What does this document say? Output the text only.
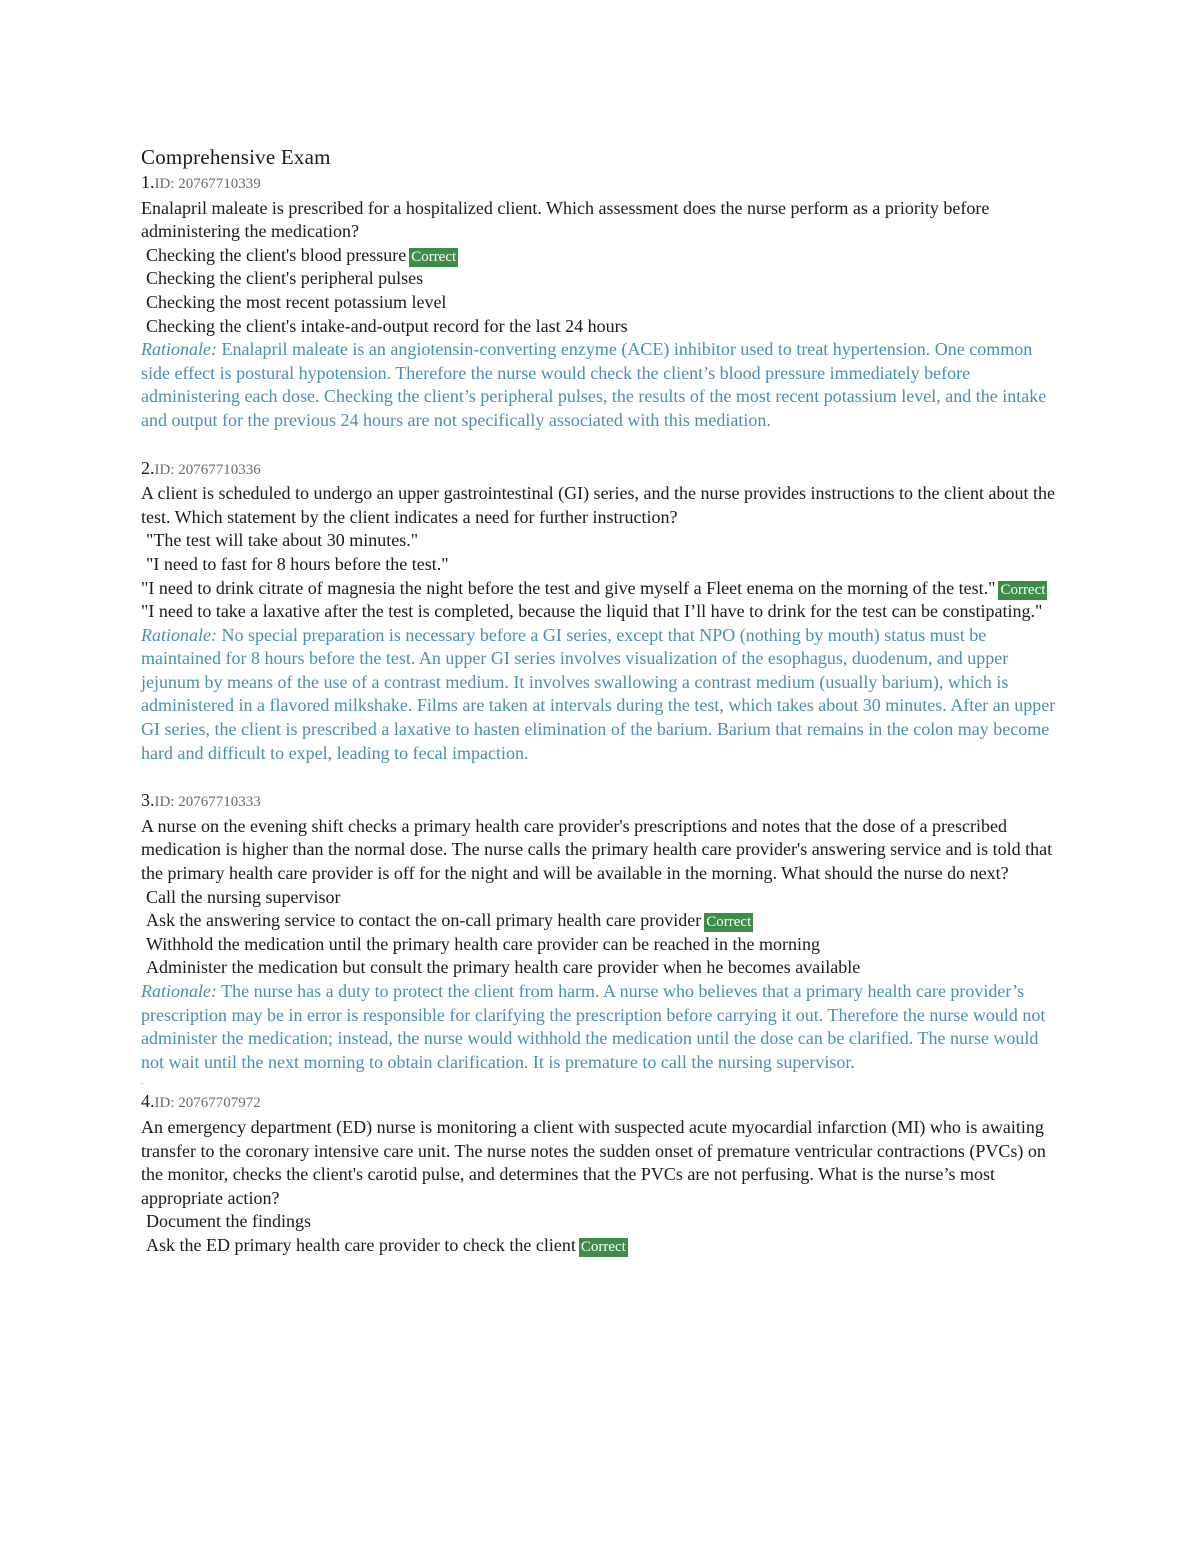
Comprehensive Exam
1.ID: 20767710339

Enalapril maleate is prescribed for a hospitalized client. Which assessment does the nurse perform as a priority before administering the medication?

Checking the client's blood pressure Correct

Checking the client's peripheral pulses

Checking the most recent potassium level

Checking the client's intake-and-output record for the last 24 hours

Rationale: Enalapril maleate is an angiotensin-converting enzyme (ACE) inhibitor used to treat hypertension. One common side effect is postural hypotension. Therefore the nurse would check the client’s blood pressure immediately before administering each dose. Checking the client’s peripheral pulses, the results of the most recent potassium level, and the intake and output for the previous 24 hours are not specifically associated with this mediation.

2.ID: 20767710336

A client is scheduled to undergo an upper gastrointestinal (GI) series, and the nurse provides instructions to the client about the test. Which statement by the client indicates a need for further instruction?

"The test will take about 30 minutes."

"I need to fast for 8 hours before the test."

"I need to drink citrate of magnesia the night before the test and give myself a Fleet enema on the morning of the test." Correct

"I need to take a laxative after the test is completed, because the liquid that I’ll have to drink for the test can be constipating."

Rationale: No special preparation is necessary before a GI series, except that NPO (nothing by mouth) status must be maintained for 8 hours before the test. An upper GI series involves visualization of the esophagus, duodenum, and upper jejunum by means of the use of a contrast medium. It involves swallowing a contrast medium (usually barium), which is administered in a flavored milkshake. Films are taken at intervals during the test, which takes about 30 minutes. After an upper GI series, the client is prescribed a laxative to hasten elimination of the barium. Barium that remains in the colon may become hard and difficult to expel, leading to fecal impaction.

3.ID: 20767710333

A nurse on the evening shift checks a primary health care provider's prescriptions and notes that the dose of a prescribed medication is higher than the normal dose. The nurse calls the primary health care provider's answering service and is told that the primary health care provider is off for the night and will be available in the morning. What should the nurse do next?

Call the nursing supervisor

Ask the answering service to contact the on-call primary health care provider Correct

Withhold the medication until the primary health care provider can be reached in the morning

Administer the medication but consult the primary health care provider when he becomes available

Rationale: The nurse has a duty to protect the client from harm. A nurse who believes that a primary health care provider’s prescription may be in error is responsible for clarifying the prescription before carrying it out. Therefore the nurse would not administer the medication; instead, the nurse would withhold the medication until the dose can be clarified. The nurse would not wait until the next morning to obtain clarification. It is premature to call the nursing supervisor.

.
4.ID: 20767707972

An emergency department (ED) nurse is monitoring a client with suspected acute myocardial infarction (MI) who is awaiting transfer to the coronary intensive care unit. The nurse notes the sudden onset of premature ventricular contractions (PVCs) on the monitor, checks the client's carotid pulse, and determines that the PVCs are not perfusing. What is the nurse’s most appropriate action?

Document the findings

Ask the ED primary health care provider to check the client Correct
